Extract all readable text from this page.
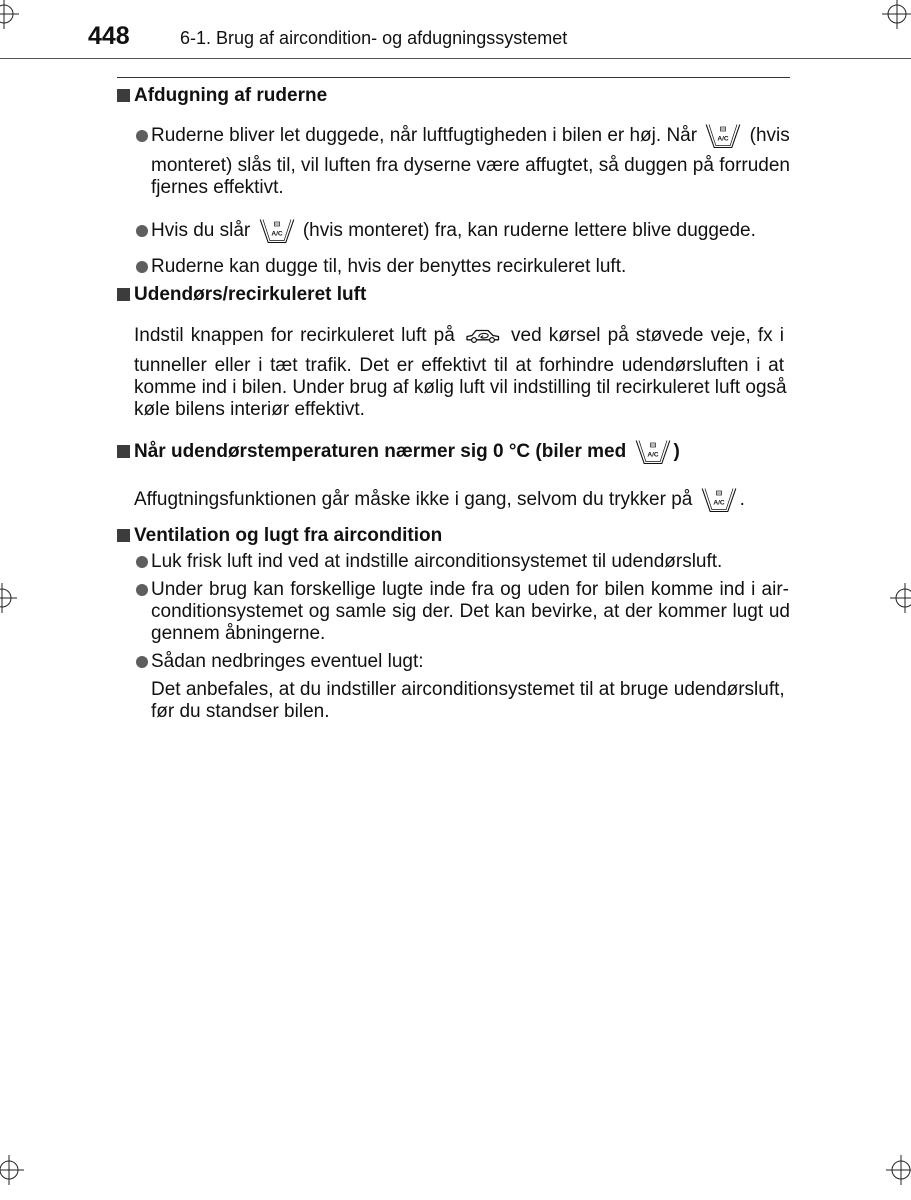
448	6-1. Brug af aircondition- og afdugningssystemet
Afdugning af ruderne
Ruderne bliver let duggede, når luftfugtigheden i bilen er høj. Når	A/C (hvis
monteret) slås til, vil luften fra dyserne være affugtet, så duggen på forruden
fjernes effektivt.
Hvis du slår	A/C (hvis monteret) fra, kan ruderne lettere blive duggede.
Ruderne kan dugge til, hvis der benyttes recirkuleret luft.
Udendørs/recirkuleret luft
Indstil knappen for recirkuleret luft på	ved kørsel på støvede veje, fx i
tunneller eller i tæt trafik. Det er effektivt til at forhindre udendørsluften i at
komme ind i bilen. Under brug af kølig luft vil indstilling til recirkuleret luft også
køle bilens interiør effektivt.
Når udendørstemperaturen nærmer sig 0 °C (biler med	A/C )
Affugtningsfunktionen går måske ikke i gang, selvom du trykker på	A/C .
Ventilation og lugt fra aircondition
Luk frisk luft ind ved at indstille airconditionsystemet til udendørsluft.
Under brug kan forskellige lugte inde fra og uden for bilen komme ind i air-
conditionsystemet og samle sig der. Det kan bevirke, at der kommer lugt ud
gennem åbningerne.
Sådan nedbringes eventuel lugt:
Det anbefales, at du indstiller airconditionsystemet til at bruge udendørsluft,
før du standser bilen.
